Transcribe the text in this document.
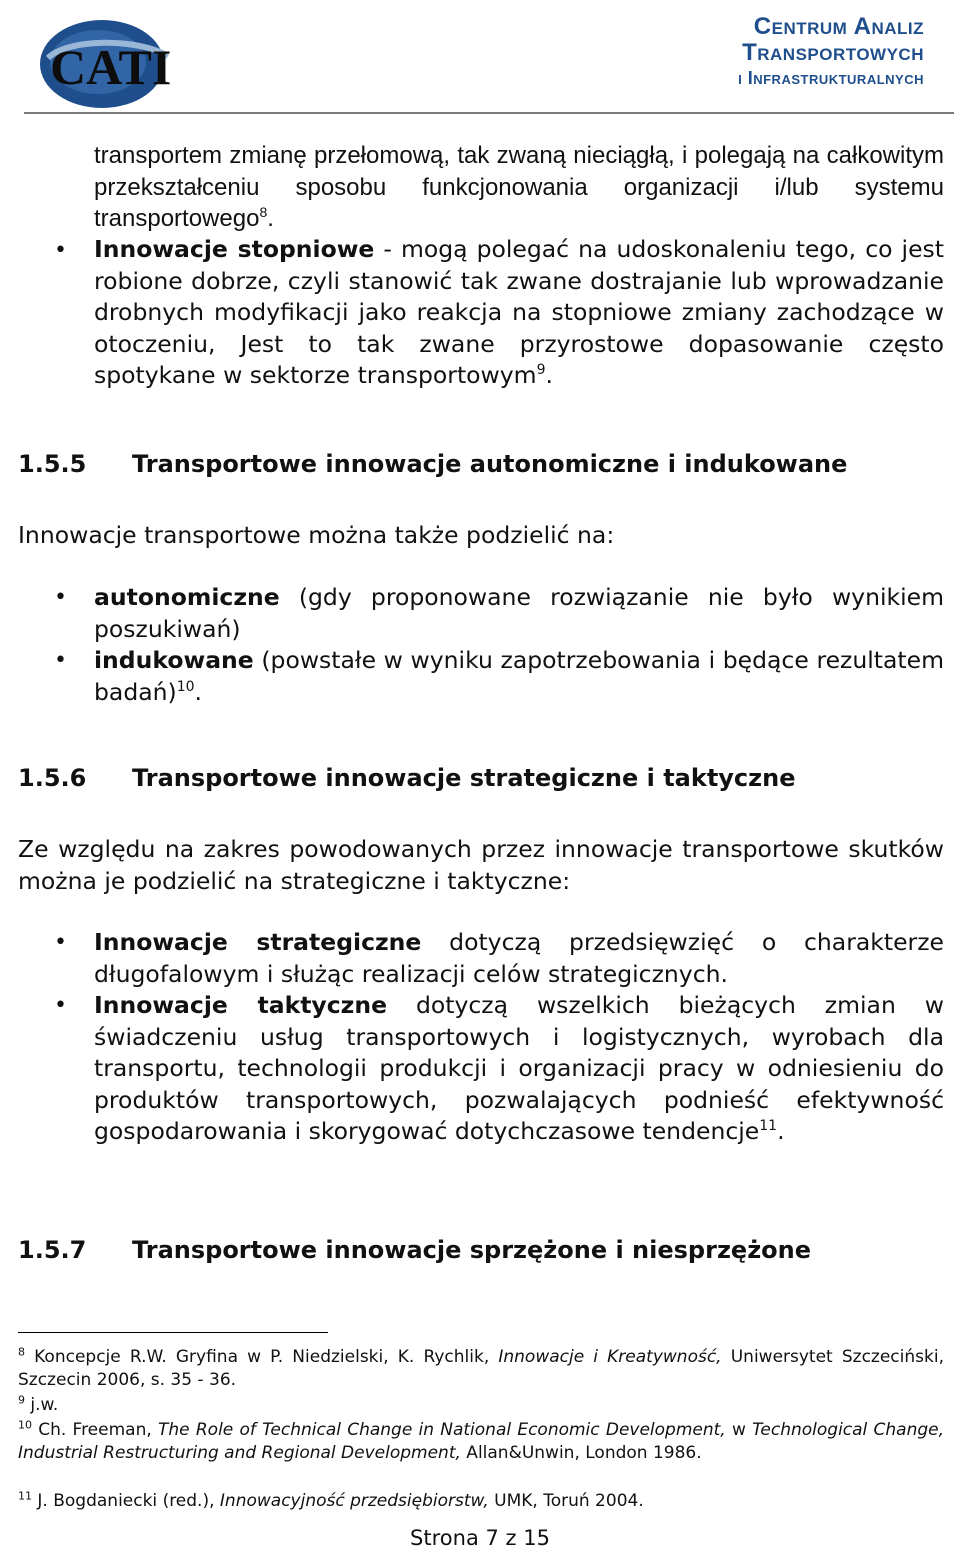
CATI
Centrum Analiz
Transportowych
i Infrastrukturalnych
transportem zmianę przełomową, tak zwaną nieciągłą, i polegają na całkowitym przekształceniu sposobu funkcjonowania organizacji i/lub systemu transportowego$^8$.
• Innowacje stopniowe - mogą polegać na udoskonaleniu tego, co jest robione dobrze, czyli stanowić tak zwane dostrajanie lub wprowadzanie drobnych modyfikacji jako reakcja na stopniowe zmiany zachodzące w otoczeniu, Jest to tak zwane przyrostowe dopasowanie często spotykane w sektorze transportowym$^9$.
1.5.5 Transportowe innowacje autonomiczne i indukowane
Innowacje transportowe można także podzielić na:
• autonomiczne (gdy proponowane rozwiązanie nie było wynikiem poszukiwań)
• indukowane (powstałe w wyniku zapotrzebowania i będące rezultatem badań)$^{10}$.
1.5.6 Transportowe innowacje strategiczne i taktyczne
Ze względu na zakres powodowanych przez innowacje transportowe skutków można je podzielić na strategiczne i taktyczne:
• Innowacje strategiczne dotyczą przedsięwzięć o charakterze długofalowym i służąc realizacji celów strategicznych.
• Innowacje taktyczne dotyczą wszelkich bieżących zmian w świadczeniu usług transportowych i logistycznych, wyrobach dla transportu, technologii produkcji i organizacji pracy w odniesieniu do produktów transportowych, pozwalających podnieść efektywność gospodarowania i skorygować dotychczasowe tendencje$^{11}$.
1.5.7 Transportowe innowacje sprzężone i niesprzężone
$^8$ Koncepcje R.W. Gryfina w P. Niedzielski, K. Rychlik, Innowacje i Kreatywność, Uniwersytet Szczeciński, Szczecin 2006, s. 35 - 36.
$^9$ j.w.
$^{10}$ Ch. Freeman, The Role of Technical Change in National Economic Development, w Technological Change, Industrial Restructuring and Regional Development, Allan&Unwin, London 1986.
$^{11}$ J. Bogdaniecki (red.), Innowacyjność przedsiębiorstw, UMK, Toruń 2004.
Strona 7 z 15
